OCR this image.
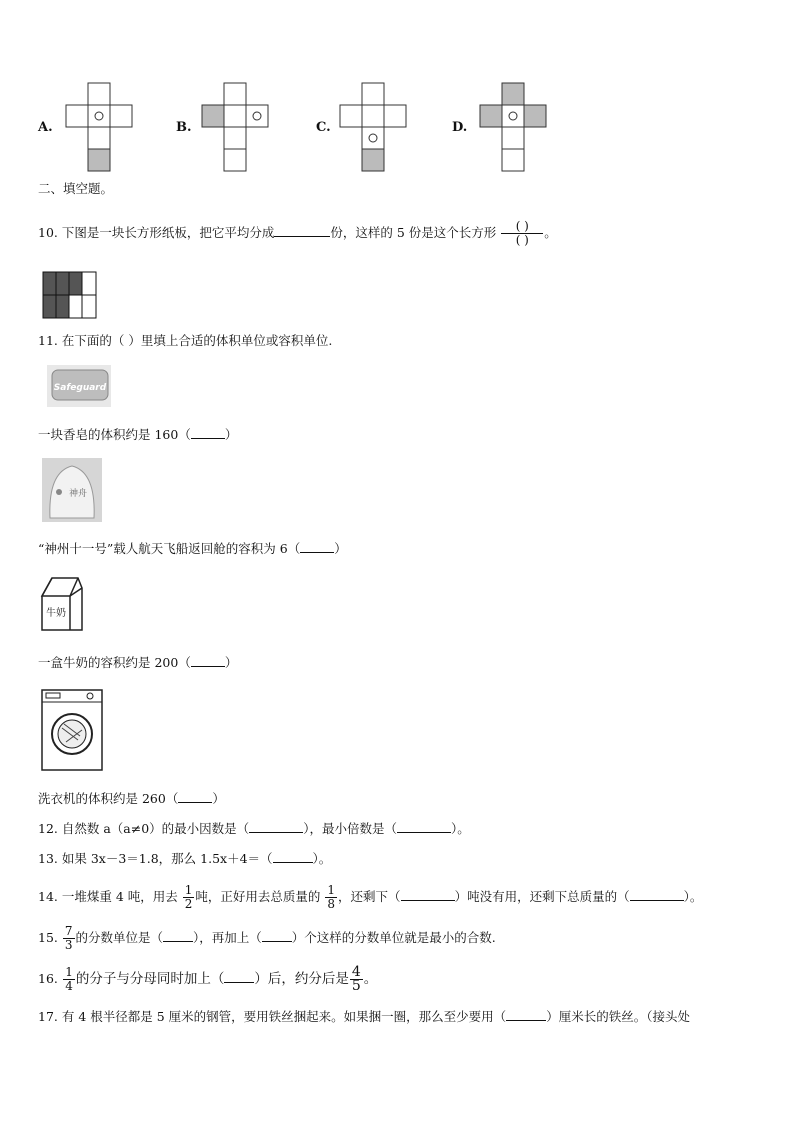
A.	B.	C.	D.
二、填空题。
10. 下图是一块长方形纸板，把它平均分成	份，这样的 5 份是这个长方形 $\frac{( )}{( )}$ 。
11. 在下面的（ ）里填上合适的体积单位或容积单位.
Safeguard
一块香皂的体积约是 160（	）
神舟
“神州十一号”载人航天飞船返回舱的容积为 6（	）
牛奶
一盒牛奶的容积约是 200（	）
洗衣机的体积约是 260（	）
12. 自然数 a（a≠0）的最小因数是（	），最小倍数是（	）。
13. 如果 3x－3＝1.8，那么 1.5x＋4＝（	）。
14. 一堆煤重 4 吨，用去 $\frac{1}{2}$ 吨，正好用去总质量的 $\frac{1}{8}$ ，还剩下（	）吨没有用，还剩下总质量的（	）。
15. $\frac{7}{3}$ 的分数单位是（ ），再加上（ ）个这样的分数单位就是最小的合数.
16. $\frac{1}{4}$ 的分子与分母同时加上（ ）后，约分后是 $\frac{4}{5}$ 。
17. 有 4 根半径都是 5 厘米的钢管，要用铁丝捆起来。如果捆一圈，那么至少要用（	）厘米长的铁丝。（接头处
